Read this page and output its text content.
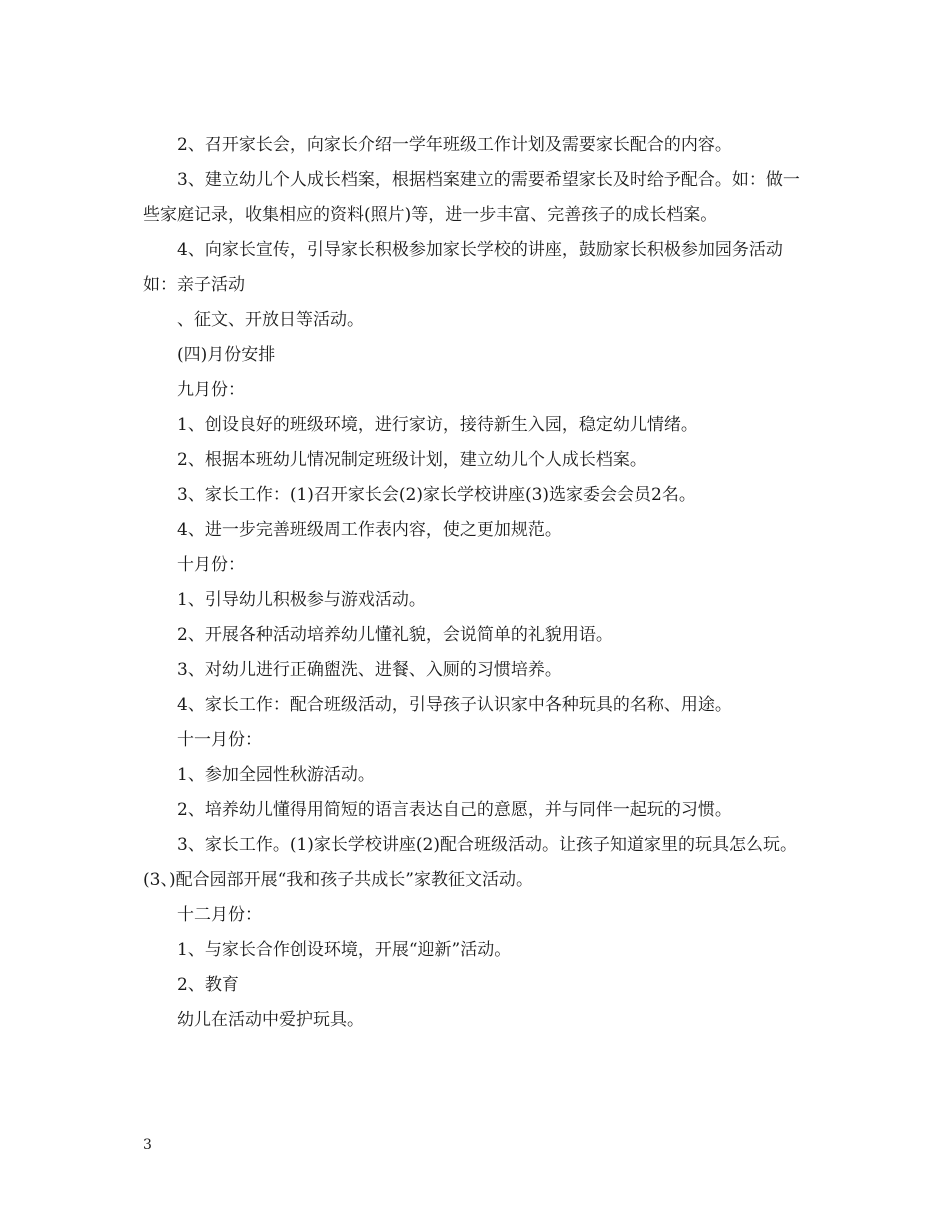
2、召开家长会，向家长介绍一学年班级工作计划及需要家长配合的内容。

3、建立幼儿个人成长档案，根据档案建立的需要希望家长及时给予配合。如：做一些家庭记录，收集相应的资料(照片)等，进一步丰富、完善孩子的成长档案。

4、向家长宣传，引导家长积极参加家长学校的讲座，鼓励家长积极参加园务活动如：亲子活动

、征文、开放日等活动。

(四)月份安排

九月份：

1、创设良好的班级环境，进行家访，接待新生入园，稳定幼儿情绪。

2、根据本班幼儿情况制定班级计划，建立幼儿个人成长档案。

3、家长工作：(1)召开家长会(2)家长学校讲座(3)选家委会会员2名。

4、进一步完善班级周工作表内容，使之更加规范。

十月份：

1、引导幼儿积极参与游戏活动。

2、开展各种活动培养幼儿懂礼貌，会说简单的礼貌用语。

3、对幼儿进行正确盥洗、进餐、入厕的习惯培养。

4、家长工作：配合班级活动，引导孩子认识家中各种玩具的名称、用途。

十一月份：

1、参加全园性秋游活动。

2、培养幼儿懂得用简短的语言表达自己的意愿，并与同伴一起玩的习惯。

3、家长工作。(1)家长学校讲座(2)配合班级活动。让孩子知道家里的玩具怎么玩。(3、)配合园部开展“我和孩子共成长”家教征文活动。

十二月份：

1、与家长合作创设环境，开展“迎新”活动。

2、教育

幼儿在活动中爱护玩具。

3
